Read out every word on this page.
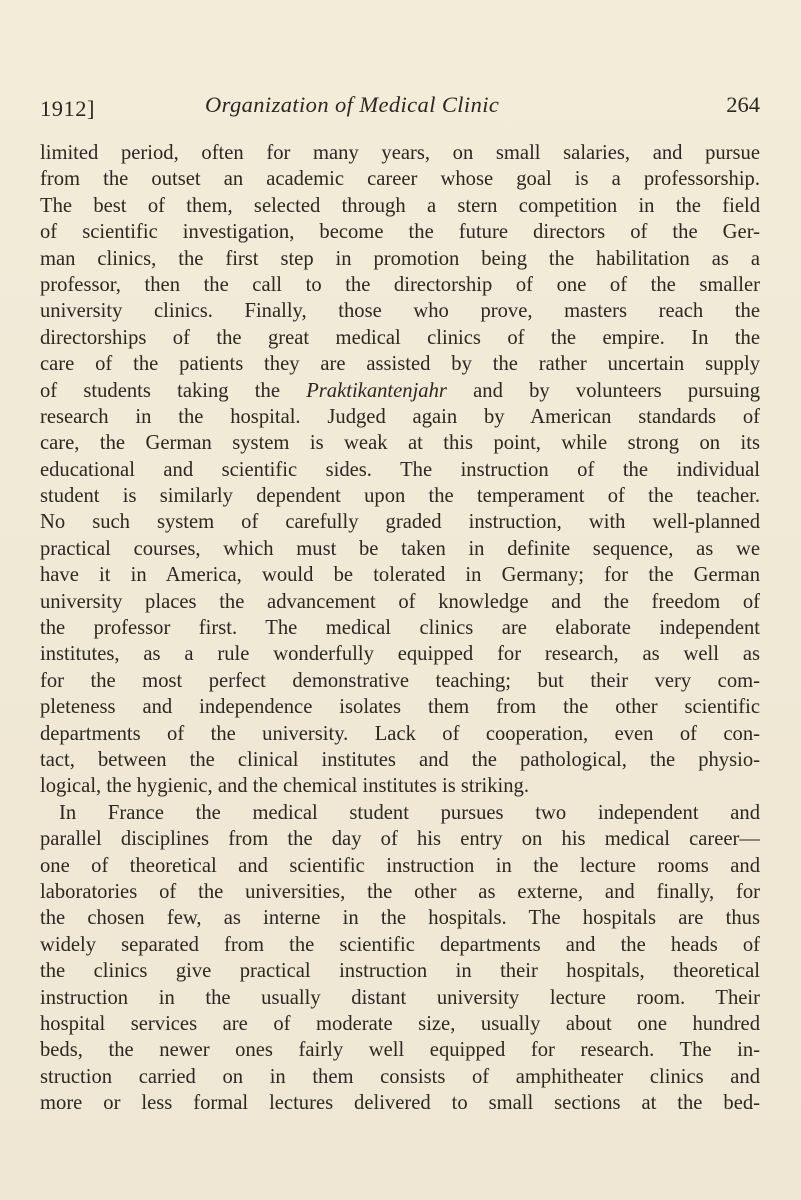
1912]	Organization of Medical Clinic	264
limited period, often for many years, on small salaries, and pursue
from the outset an academic career whose goal is a professorship.
The best of them, selected through a stern competition in the field
of scientific investigation, become the future directors of the Ger-
man clinics, the first step in promotion being the habilitation as a
professor, then the call to the directorship of one of the smaller
university clinics. Finally, those who prove, masters reach the
directorships of the great medical clinics of the empire. In the
care of the patients they are assisted by the rather uncertain supply
of students taking the Praktikantenjahr and by volunteers pursuing
research in the hospital. Judged again by American standards of
care, the German system is weak at this point, while strong on its
educational and scientific sides. The instruction of the individual
student is similarly dependent upon the temperament of the teacher.
No such system of carefully graded instruction, with well-planned
practical courses, which must be taken in definite sequence, as we
have it in America, would be tolerated in Germany; for the German
university places the advancement of knowledge and the freedom of
the professor first. The medical clinics are elaborate independent
institutes, as a rule wonderfully equipped for research, as well as
for the most perfect demonstrative teaching; but their very com-
pleteness and independence isolates them from the other scientific
departments of the university. Lack of cooperation, even of con-
tact, between the clinical institutes and the pathological, the physio-
logical, the hygienic, and the chemical institutes is striking.
In France the medical student pursues two independent and
parallel disciplines from the day of his entry on his medical career—
one of theoretical and scientific instruction in the lecture rooms and
laboratories of the universities, the other as externe, and finally, for
the chosen few, as interne in the hospitals. The hospitals are thus
widely separated from the scientific departments and the heads of
the clinics give practical instruction in their hospitals, theoretical
instruction in the usually distant university lecture room. Their
hospital services are of moderate size, usually about one hundred
beds, the newer ones fairly well equipped for research. The in-
struction carried on in them consists of amphitheater clinics and
more or less formal lectures delivered to small sections at the bed-
